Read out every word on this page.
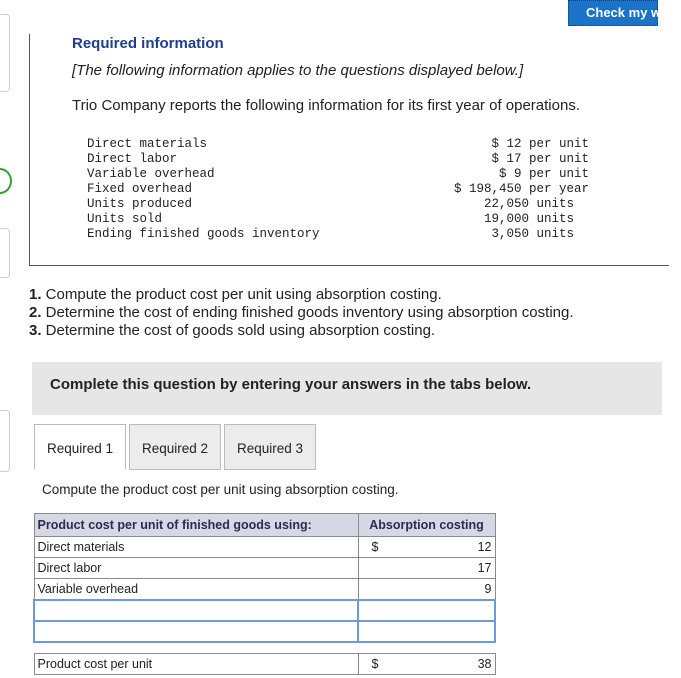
Check my work
Required information
[The following information applies to the questions displayed below.]
Trio Company reports the following information for its first year of operations.
Direct materials	$ 12 per unit
Direct labor	$ 17 per unit
Variable overhead	$ 9 per unit
Fixed overhead	$ 198,450 per year
Units produced	22,050 units
Units sold	19,000 units
Ending finished goods inventory	3,050 units
1. Compute the product cost per unit using absorption costing.
2. Determine the cost of ending finished goods inventory using absorption costing.
3. Determine the cost of goods sold using absorption costing.
Complete this question by entering your answers in the tabs below.
Required 1	Required 2	Required 3
Compute the product cost per unit using absorption costing.
Product cost per unit of finished goods using:	Absorption costing
Direct materials	$ 12

Direct labor	17

Variable overhead	9

Product cost per unit	$ 38
